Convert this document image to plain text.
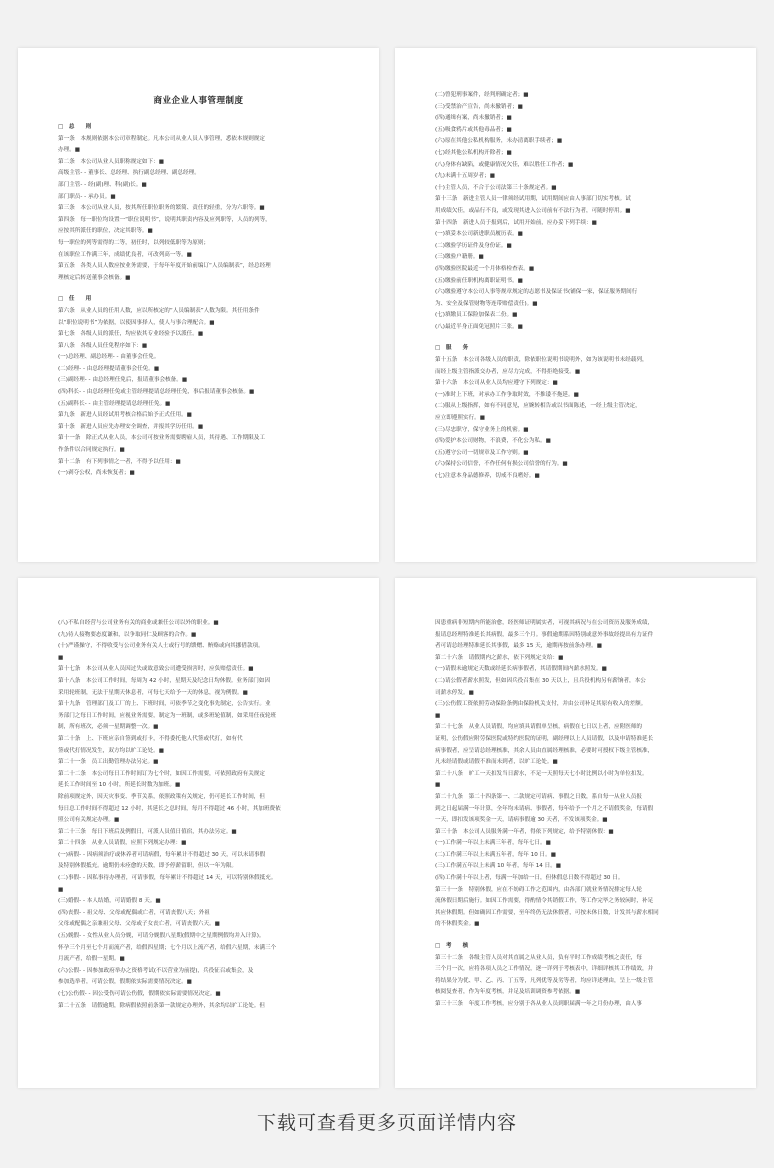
商业企业人事管理制度
□　总　　则
第一条　本规则依据本公司章程制定。凡本公司从业人员人事管理，悉依本规则规定
办理。■
第二条　本公司从业人员职称规定如下：■
高级主管- - 董事长、总经理、执行副总经理、副总经理。
部门主管- - 经(副)理、科(副)长。■
部门职员- - 承办员。■
第三条　本公司从业人员，按其所任职位职务的繁简、责任的轻重，分为六职等。■
第四条　每一职位均设置一“职位说明书”，说明其职责内容及应列职等，人员的列等，
应按其所派任的职位，决定其职等。■
每一职位的列等需得的二等，初任时，以列较低职等为原则；
在该职位工作满三年，成绩优良者，可改列高一等。■
第五条　各类人员人数应按业务需要，于每年年度开始前编订“人员编制表”，经总经理
理核定后转送董事会核备。■
□　任　　用
第六条　从业人员的任用人数，应以所核定的“人员编制表”人数为限。其任用条件
以“职位说明书”为依据，以使因事择人，使人与事合理配合。■
第七条　各级人员的派任，均应依其专业经验予以派任。■
第八条　各级人员任免程序如下：■
(一)总经理、副总经理- - 由董事会任免。
(二)经理- - 由总经理提请董事会任免。■
(三)副经理- - 由总经理任免后，报请董事会核备。■
(四)科长- - 由总经理任免或主管经理提请总经理任免，事后报请董事会核备。■
(五)副科长- - 由主管经理提请总经理任免。■
第九条　新进人员经试用考核合格后始予正式任用。■
第十条　新进人员应先办理安全调查，并报其学历任用。■
第十一条　除正式从业人员，本公司可按业务需要聘雇人员，其待遇、工作期限及工
作条件以合同规定执行。■
第十二条　有下列事情之一者，不得予以任用：■
(一)剥夺公权，尚未恢复者；■
(二)曾犯刑事案件，经判刑确定者；■
(三)受禁治产宣告，尚未撤销者；■
(四)通缉有案，尚未撤销者；■
(五)吸食鸦片或其他毒品者；■
(六)原在其他公私机构服务，未办清离职手续者；■
(七)经其他公私机构开除者；■
(八)身体有缺陷，或健康情况欠佳，难以胜任工作者；■
(九)未满十五周岁者；■
(十)主管人员，不合于公司法第三十条规定者。■
第十三条　新进主管人员一律须经试用期，试用期间应由人事部门切实考核。试
用成绩欠佳，或品行不良，或发现其进入公司前有不法行为者，可随时停用。■
第十四条　新进人员于报到后，试用开始前，应办妥下列手续：■
(一)填妥本公司新进职员履历表。■
(二)缴验学历证件及身份证。■
(三)缴验户籍册。■
(四)缴验医院最近一个月体格检查表。■
(五)缴验前任职机构离职证明书。■
(六)缴验遵守本公司人事等规章规定的志愿书及保证书(铺保一家，保证服务期间行
为、安全及保管财物等连带赔偿责任)。■
(七)填缴员工保险加保表二份。■
(八)最近半身正面免冠照片三张。■
□　服　　务
第十五条　本公司各级人员的职责，除依职位说明书说明外，如为该说明书未经载列，
而经上级主管指派交办者，应尽力完成，不得拒绝接受。■
第十六条　本公司从业人员均应遵守下列规定：■
(一)准时上下班，对承办工作争取时效，不推诿不拖延。■
(二)服从上级指挥，如有不同意见，应婉转相告或以书面陈述，一经上级主管决定，
应立即遵照实行。■
(三)尽忠职守，保守业务上的机密。■
(四)爱护本公司财物，不浪费，不化公为私。■
(五)遵守公司一切规章及工作守则。■
(六)保持公司信誉，不作任何有损公司信誉的行为。■
(七)注意本身品德修养，切戒不良嗜好。■
(八)不私自经营与公司业务有关的商业或兼任公司以外的职业。■
(九)待人接物要态度谦和，以争取同仁及顾客的合作。■
(十)严谨操守，不得收受与公司业务有关人士或行号的馈赠、贿赂或向其挪借款项。
■
第十七条　本公司从业人员因过失或故意致公司遭受损害时，应负赔偿责任。■
第十八条　本公司工作时间，每周为 42 小时，星期天及纪念日均休假。业务部门如因
采用轮班制，无法于星期天休息者，可每七天给予一天的休息，视为例假。■
第十九条　管理部门及工厂的上、下班时间，可依季节之变化事先制定，公告实行。业
务部门之每日工作时间，应视业务需要，制定为一班制，或多班轮值制，如采用任夜轮班
制，所有班次，必须一星期调整一次。■
第二十条　上、下班应亲自签到或打卡，不得委托他人代签或代打，如有代
签或代打情况发生，双方均以旷工论处。■
第二十一条　员工出勤管理办法另定。■
第二十二条　本公司每日工作时间订为七个时，如因工作需要，可依照政府有关规定
延长工作时间至 10 小时，所延长时数为加班。■
除前项规定外，因天灾事变、季节关系，依照政策有关规定，仍可延长工作时间，但
每日总工作时间不得超过 12 小时，其延长之总时间，每月不得超过 46 小时，其加班费依
照公司有关规定办理。■
第二十三条　每日下班后及例假日，可派人员值日值宿，其办法另定。■
第二十四条　从业人员请假，应照下列规定办理：■
(一)病假- - 因病须治疗或休养者可请病假，每年累计不得超过 30 天，可以未请事假
及特别休假抵充。逾期仍未痊愈的天数，即予停薪留职，但以一年为限。
(二)事假- - 因私事待办理者，可请事假，每年累计不得超过 14 天，可以特别休假抵充。
■
(三)婚假- - 本人结婚，可请婚假 8 天。■
(四)丧假- - 祖父母、父母或配偶或亡者，可请丧假八天；外祖
父母或配偶之亲兼祖父母、父母或子女丧亡者，可请丧假六天。■
(五)娩假- - 女性从业人员分娩，可请分娩假八星期(假期中之星期例假均并入计算)。
怀孕三个月至七个月而流产者，给假四星期；七个月以上流产者，给假六星期，未满三个
月流产者，给假一星期。■
(六)公假- - 因参加政府举办之资格考试(不以营业为前提)，兵役征召或集会，及
参加选举者，可请公假，假期依实际需要情况决定。■
(七)公伤假- - 因公受伤可请公伤假，假期依实际需要情况决定。■
第二十五条　请假逾期，除病假依照前条第一款规定办理外，其余均以旷工论处。但
因患重病非短期内所能治愈，经医师证明属实者，可视其病况与在公司资历及服务成绩，
报请总经理特准延长其病假，最多三个月。事假逾期系因特别或意外事故经提出有力证件
者可请总经理特准延长其事假，最多 15 天，逾期再按前条办理。■
第二十六条　请假期内之薪水，依下列规定支给：■
(一)请假未逾规定天数或经延长病事假者，其请假期间内薪水照发。■
(二)请公假者薪水照发，但如因兵役召集在 30 天以上，且兵役机构另有薪饷者，本公
司薪水停发。■
(三)公伤假工资依照劳动保险条例由保险机关支付，并由公司补足其原有收入的差额。
■
第二十七条　从业人员请假，均应填具请假单呈核，病假在七日以上者，应附医师的
证明，公伤假应附劳保医院或特约医院的证明，副经理以上人员请假，以及申请特准延长
病事假者，应呈请总经理核准，其余人员由直属经理核准，必要时可授权下级主管核准，
凡未经请假或请假不准而未到者，以旷工论处。■
第二十八条　旷工一天扣发当日薪水，不足一天照每天七小时比例以小时为单位扣发。
■
第二十九条　第二十四条第一、二款规定可请病、事假之日数，系自每一从业人员报
到之日起届满一年计算，全年均未请病、事假者，每年给予一个月之不请假奖金，每请假
一天，即扣发该项奖金一天，请病事假逾 30 天者，不发该项奖金。■
第三十条　本公司人员服务满一年者，得依下列规定，给予特别休假：■
(一)工作满一年以上未满三年者，每年七日。■
(二)工作满三年以上未满五年者，每年 10 日。■
(三)工作满五年以上未满 10 年者，每年 14 日。■
(四)工作满十年以上者，每满一年加给一日，但休假总日数不得超过 30 日。
第三十一条　特别休假，应在不妨碍工作之范围内，由各部门就业务情况排定每人轮
流休假日期后施行。如因工作需要，得酌情令其销假工作，等工作完毕之务较闲时，补足
其应休假期。但如确因工作需要，至年终仍无法休假者，可按未休日数，计发其与薪水相同
的不休假奖金。■
□　考　　核
第三十二条　各级主管人员对其直属之从业人员，负有平时工作成绩考核之责任，每
三个月一次，应将各项人员之工作情况，逐一详列于考核表中，详细评核其工作绩效，并
将结果分为优、甲、乙、丙、丁五等，凡列优等及劣等者，均应详述理由，呈上一级主管
核阅复查者，作为年度考核，并足及培训调资参考依据。■
第三十三条　年度工作考核，应分别于各从业人员到职届满一年之月份办理，由人事
下载可查看更多页面详情内容
